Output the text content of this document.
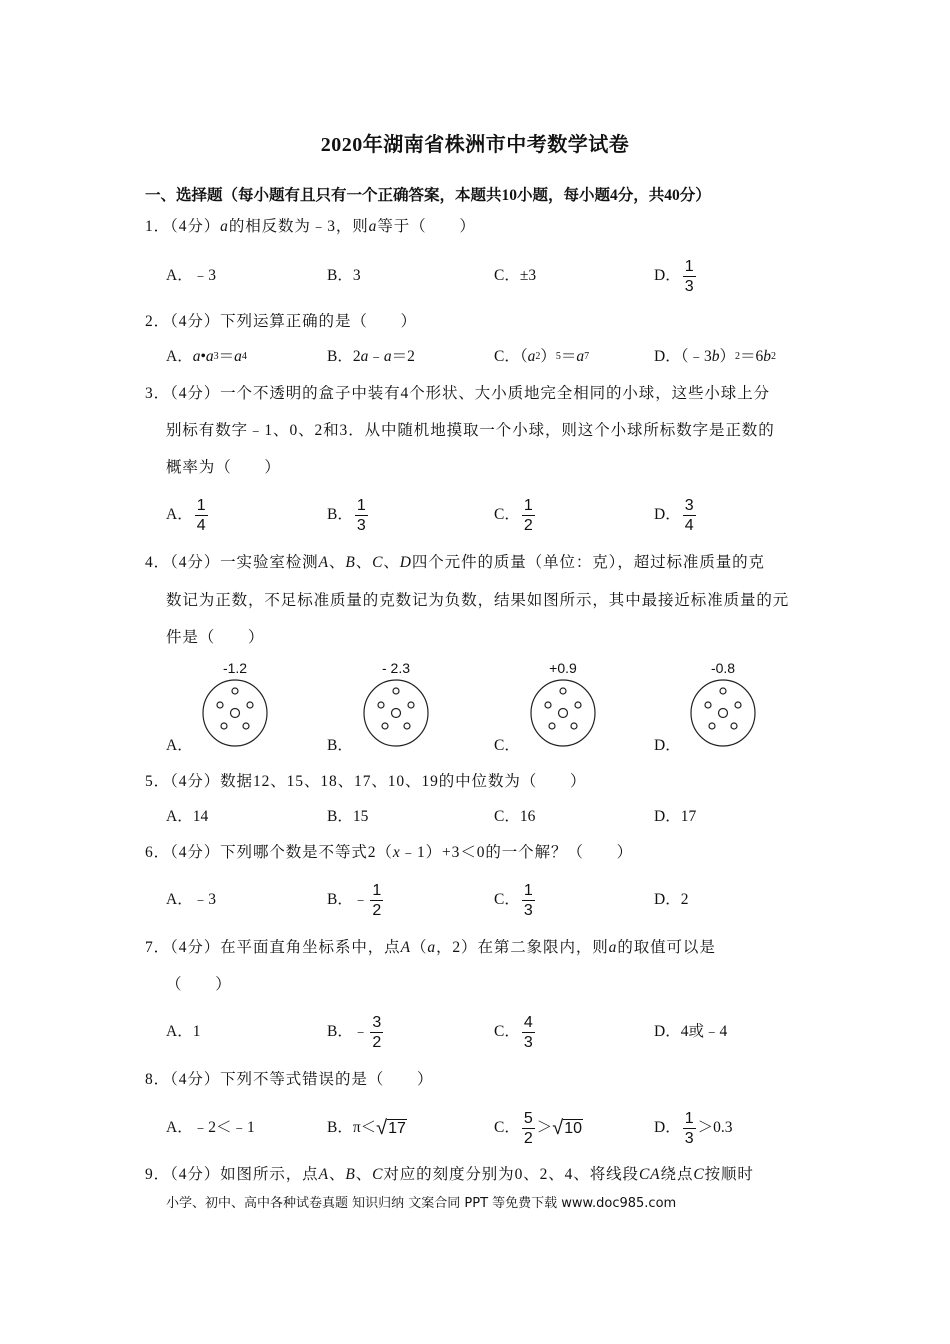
2020年湖南省株洲市中考数学试卷
一、选择题（每小题有且只有一个正确答案，本题共10小题，每小题4分，共40分）
1．（4分）a的相反数为﹣3，则a等于（　　）
2．（4分）下列运算正确的是（　　）
3．（4分）一个不透明的盒子中装有4个形状、大小质地完全相同的小球，这些小球上分
别标有数字﹣1、0、2和3．从中随机地摸取一个小球，则这个小球所标数字是正数的
概率为（　　）
4．（4分）一实验室检测A、B、C、D四个元件的质量（单位：克），超过标准质量的克
数记为正数，不足标准质量的克数记为负数，结果如图所示，其中最接近标准质量的元
件是（　　）
5．（4分）数据12、15、18、17、10、19的中位数为（　　）
6．（4分）下列哪个数是不等式2（x﹣1）+3＜0的一个解？（　　）
7．（4分）在平面直角坐标系中，点A（a，2）在第二象限内，则a的取值可以是
（　　）
8．（4分）下列不等式错误的是（　　）
9．（4分）如图所示，点A、B、C对应的刻度分别为0、2、4、将线段CA绕点C按顺时
-1.2
A．
- 2.3
B．
+0.9
C．
-0.8
D．
小学、初中、高中各种试卷真题 知识归纳 文案合同 PPT 等免费下载 www.doc985.com
A．﹣3	B．3	C．±3	D． $\frac{1}{3}$
A． a • a 3 ＝ a 4	B．2 a ﹣ a ＝2	C．（ a 2 ） 5 ＝ a 7	D．（﹣3 b ） 2 ＝6 b 2
A． $\frac{1}{4}$	B． $\frac{1}{3}$	C． $\frac{1}{2}$	D． $\frac{3}{4}$
A．14	B．15	C．16	D．17
A．﹣3	B．﹣ $\frac{1}{2}$	C． $\frac{1}{3}$	D．2
A．1	B．﹣ $\frac{3}{2}$	C． $\frac{4}{3}$	D．4或﹣4
A．﹣2＜﹣1	B．π＜ √ 17	C． $\frac{5}{2}$ ＞ √ 10	D． $\frac{1}{3} >0.3$
